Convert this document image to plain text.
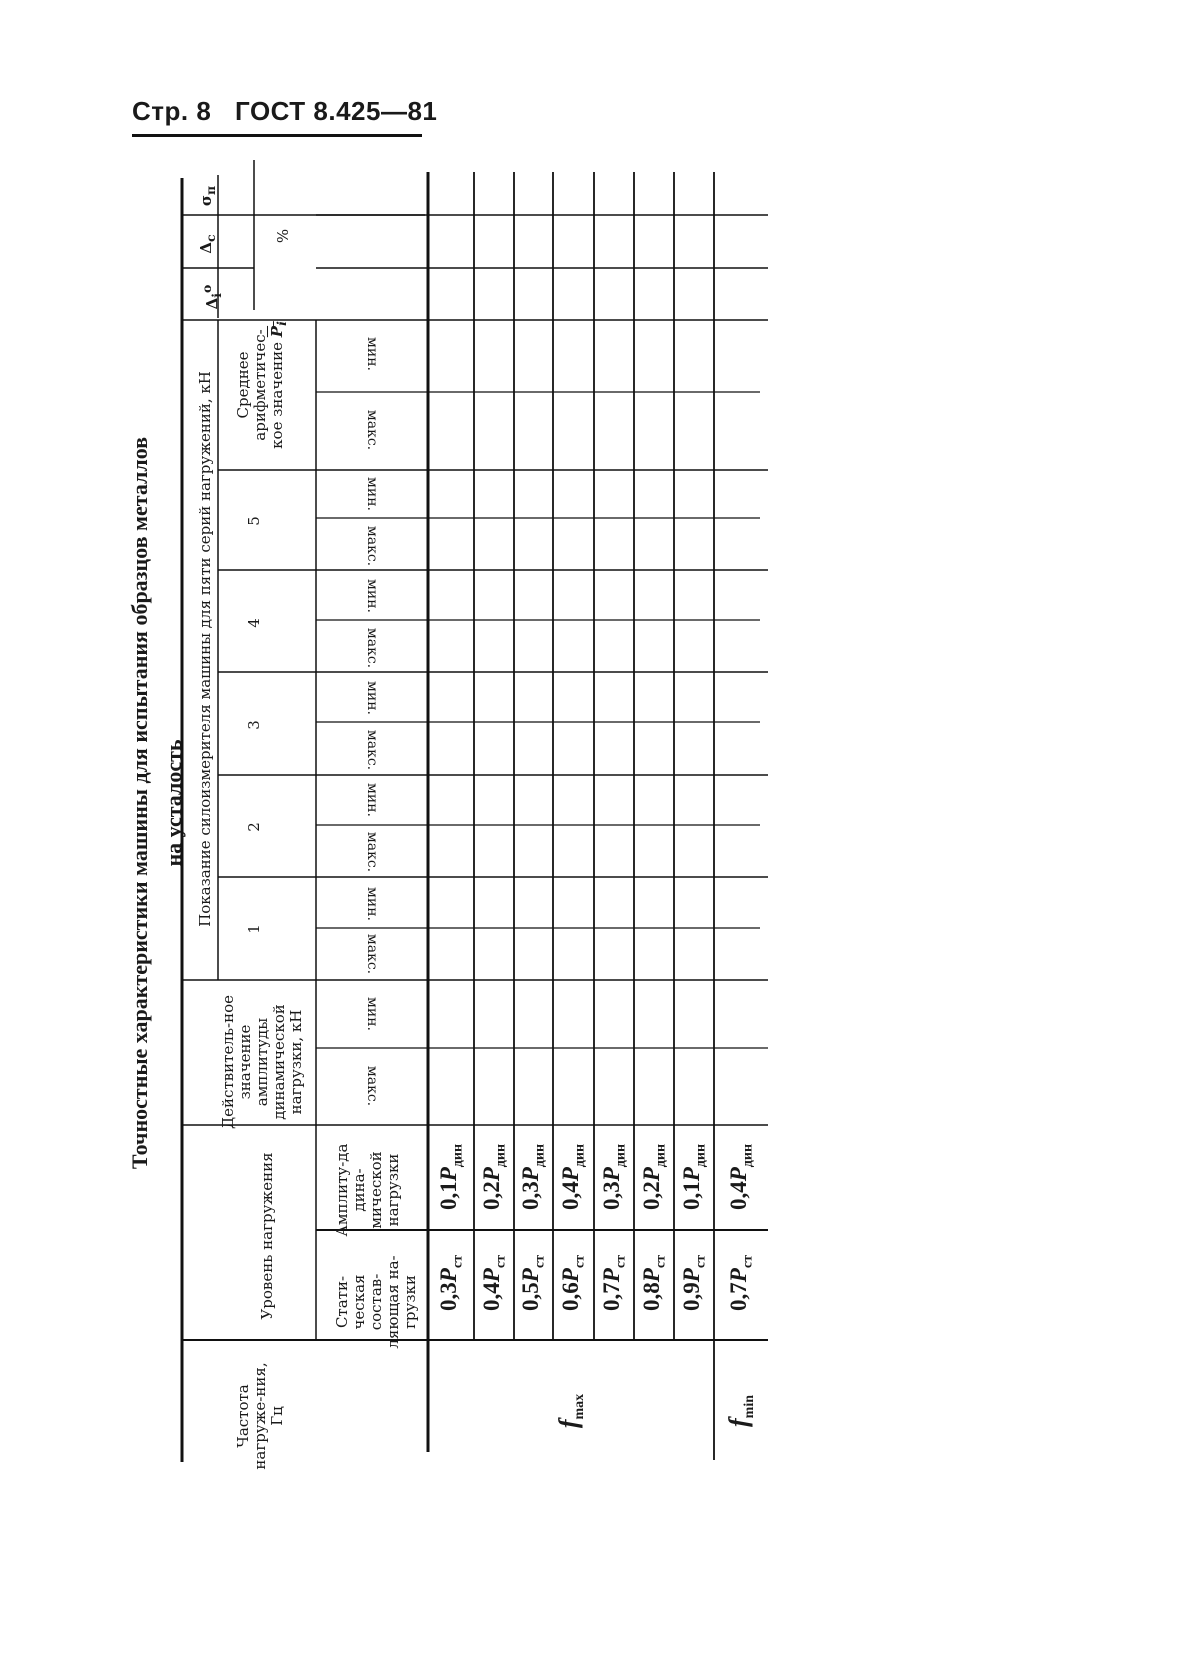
Стр. 8 ГОСТ 8.425—81
Точностные характеристики машины для испытания образцов металлов на усталость
Частота нагруже-ния, Гц
Уровень нагружения	Стати-ческая состав-ляющая на-грузки
Амплиту-да дина-мической нагрузки
Действитель-ное значение амплитуды динамической нагрузки, кН
Показание силоизмерителя машины для пяти серий нагружений, кН	Среднее арифметичес-кое значение $P_i$
%
$\Delta_i^o$
$\Delta_c$
$\sigma_п$
5
4
3
2
1
мин.
макс.
мин.
макс.
мин.
макс.
мин.
макс.
мин.
макс.
мин.
макс.
мин.
макс.
$0,3P_{ст}$
$0,1P_{дин}$
$0,4P_{ст}$
$0,2P_{дин}$
$0,5P_{ст}$
$0,3P_{дин}$
$0,6P_{ст}$
$0,4P_{дин}$
$0,7P_{ст}$
$0,3P_{дин}$
$0,8P_{ст}$
$0,2P_{дин}$
$0,9P_{ст}$
$0,1P_{дин}$
$0,7P_{ст}$
$0,4P_{дин}$
$f_{max}$
$f_{min}$
